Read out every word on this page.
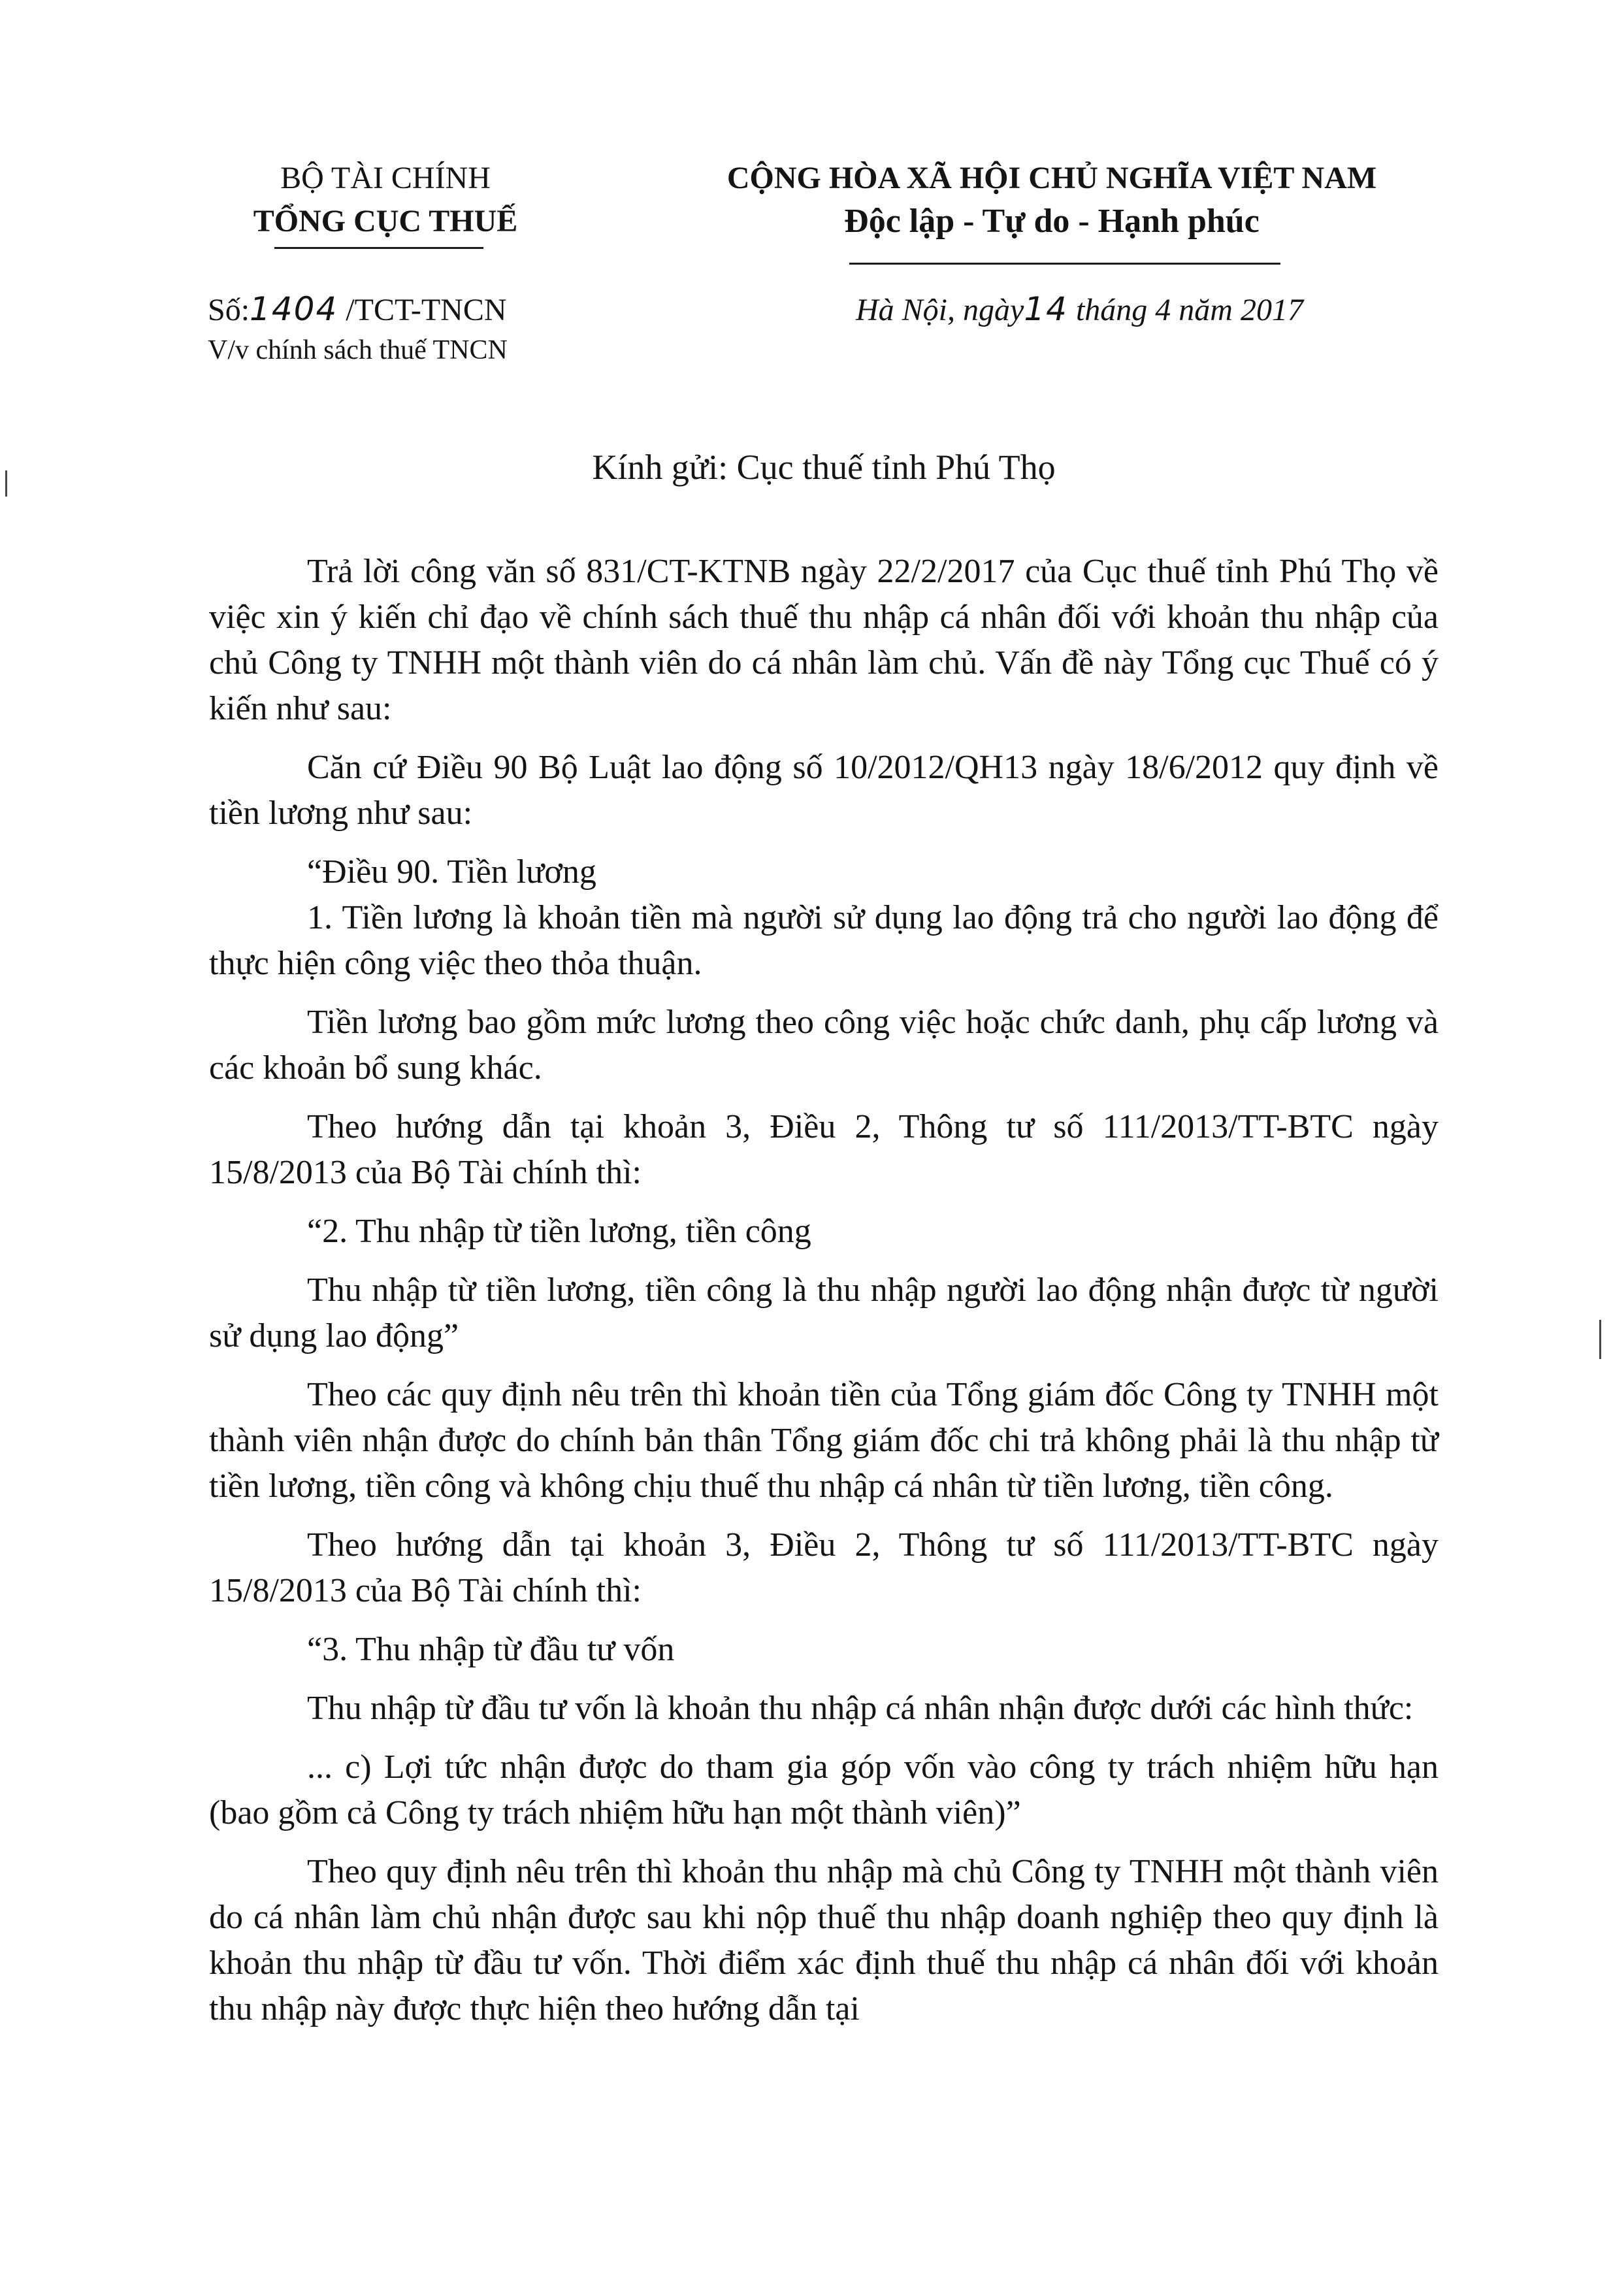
BỘ TÀI CHÍNH
TỔNG CỤC THUẾ
Số:1404 /TCT-TNCN
V/v chính sách thuế TNCN
CỘNG HÒA XÃ HỘI CHỦ NGHĨA VIỆT NAM
Độc lập - Tự do - Hạnh phúc
Hà Nội, ngày14 tháng 4 năm 2017
Kính gửi: Cục thuế tỉnh Phú Thọ

Trả lời công văn số 831/CT-KTNB ngày 22/2/2017 của Cục thuế tỉnh Phú Thọ về việc xin ý kiến chỉ đạo về chính sách thuế thu nhập cá nhân đối với khoản thu nhập của chủ Công ty TNHH một thành viên do cá nhân làm chủ. Vấn đề này Tổng cục Thuế có ý kiến như sau:

Căn cứ Điều 90 Bộ Luật lao động số 10/2012/QH13 ngày 18/6/2012 quy định về tiền lương như sau:

“Điều 90. Tiền lương

1. Tiền lương là khoản tiền mà người sử dụng lao động trả cho người lao động để thực hiện công việc theo thỏa thuận.

Tiền lương bao gồm mức lương theo công việc hoặc chức danh, phụ cấp lương và các khoản bổ sung khác.

Theo hướng dẫn tại khoản 3, Điều 2, Thông tư số 111/2013/TT-BTC ngày 15/8/2013 của Bộ Tài chính thì:

“2. Thu nhập từ tiền lương, tiền công

Thu nhập từ tiền lương, tiền công là thu nhập người lao động nhận được từ người sử dụng lao động”

Theo các quy định nêu trên thì khoản tiền của Tổng giám đốc Công ty TNHH một thành viên nhận được do chính bản thân Tổng giám đốc chi trả không phải là thu nhập từ tiền lương, tiền công và không chịu thuế thu nhập cá nhân từ tiền lương, tiền công.

Theo hướng dẫn tại khoản 3, Điều 2, Thông tư số 111/2013/TT-BTC ngày 15/8/2013 của Bộ Tài chính thì:

“3. Thu nhập từ đầu tư vốn

Thu nhập từ đầu tư vốn là khoản thu nhập cá nhân nhận được dưới các hình thức:

... c) Lợi tức nhận được do tham gia góp vốn vào công ty trách nhiệm hữu hạn (bao gồm cả Công ty trách nhiệm hữu hạn một thành viên)”

Theo quy định nêu trên thì khoản thu nhập mà chủ Công ty TNHH một thành viên do cá nhân làm chủ nhận được sau khi nộp thuế thu nhập doanh nghiệp theo quy định là khoản thu nhập từ đầu tư vốn. Thời điểm xác định thuế thu nhập cá nhân đối với khoản thu nhập này được thực hiện theo hướng dẫn tại
